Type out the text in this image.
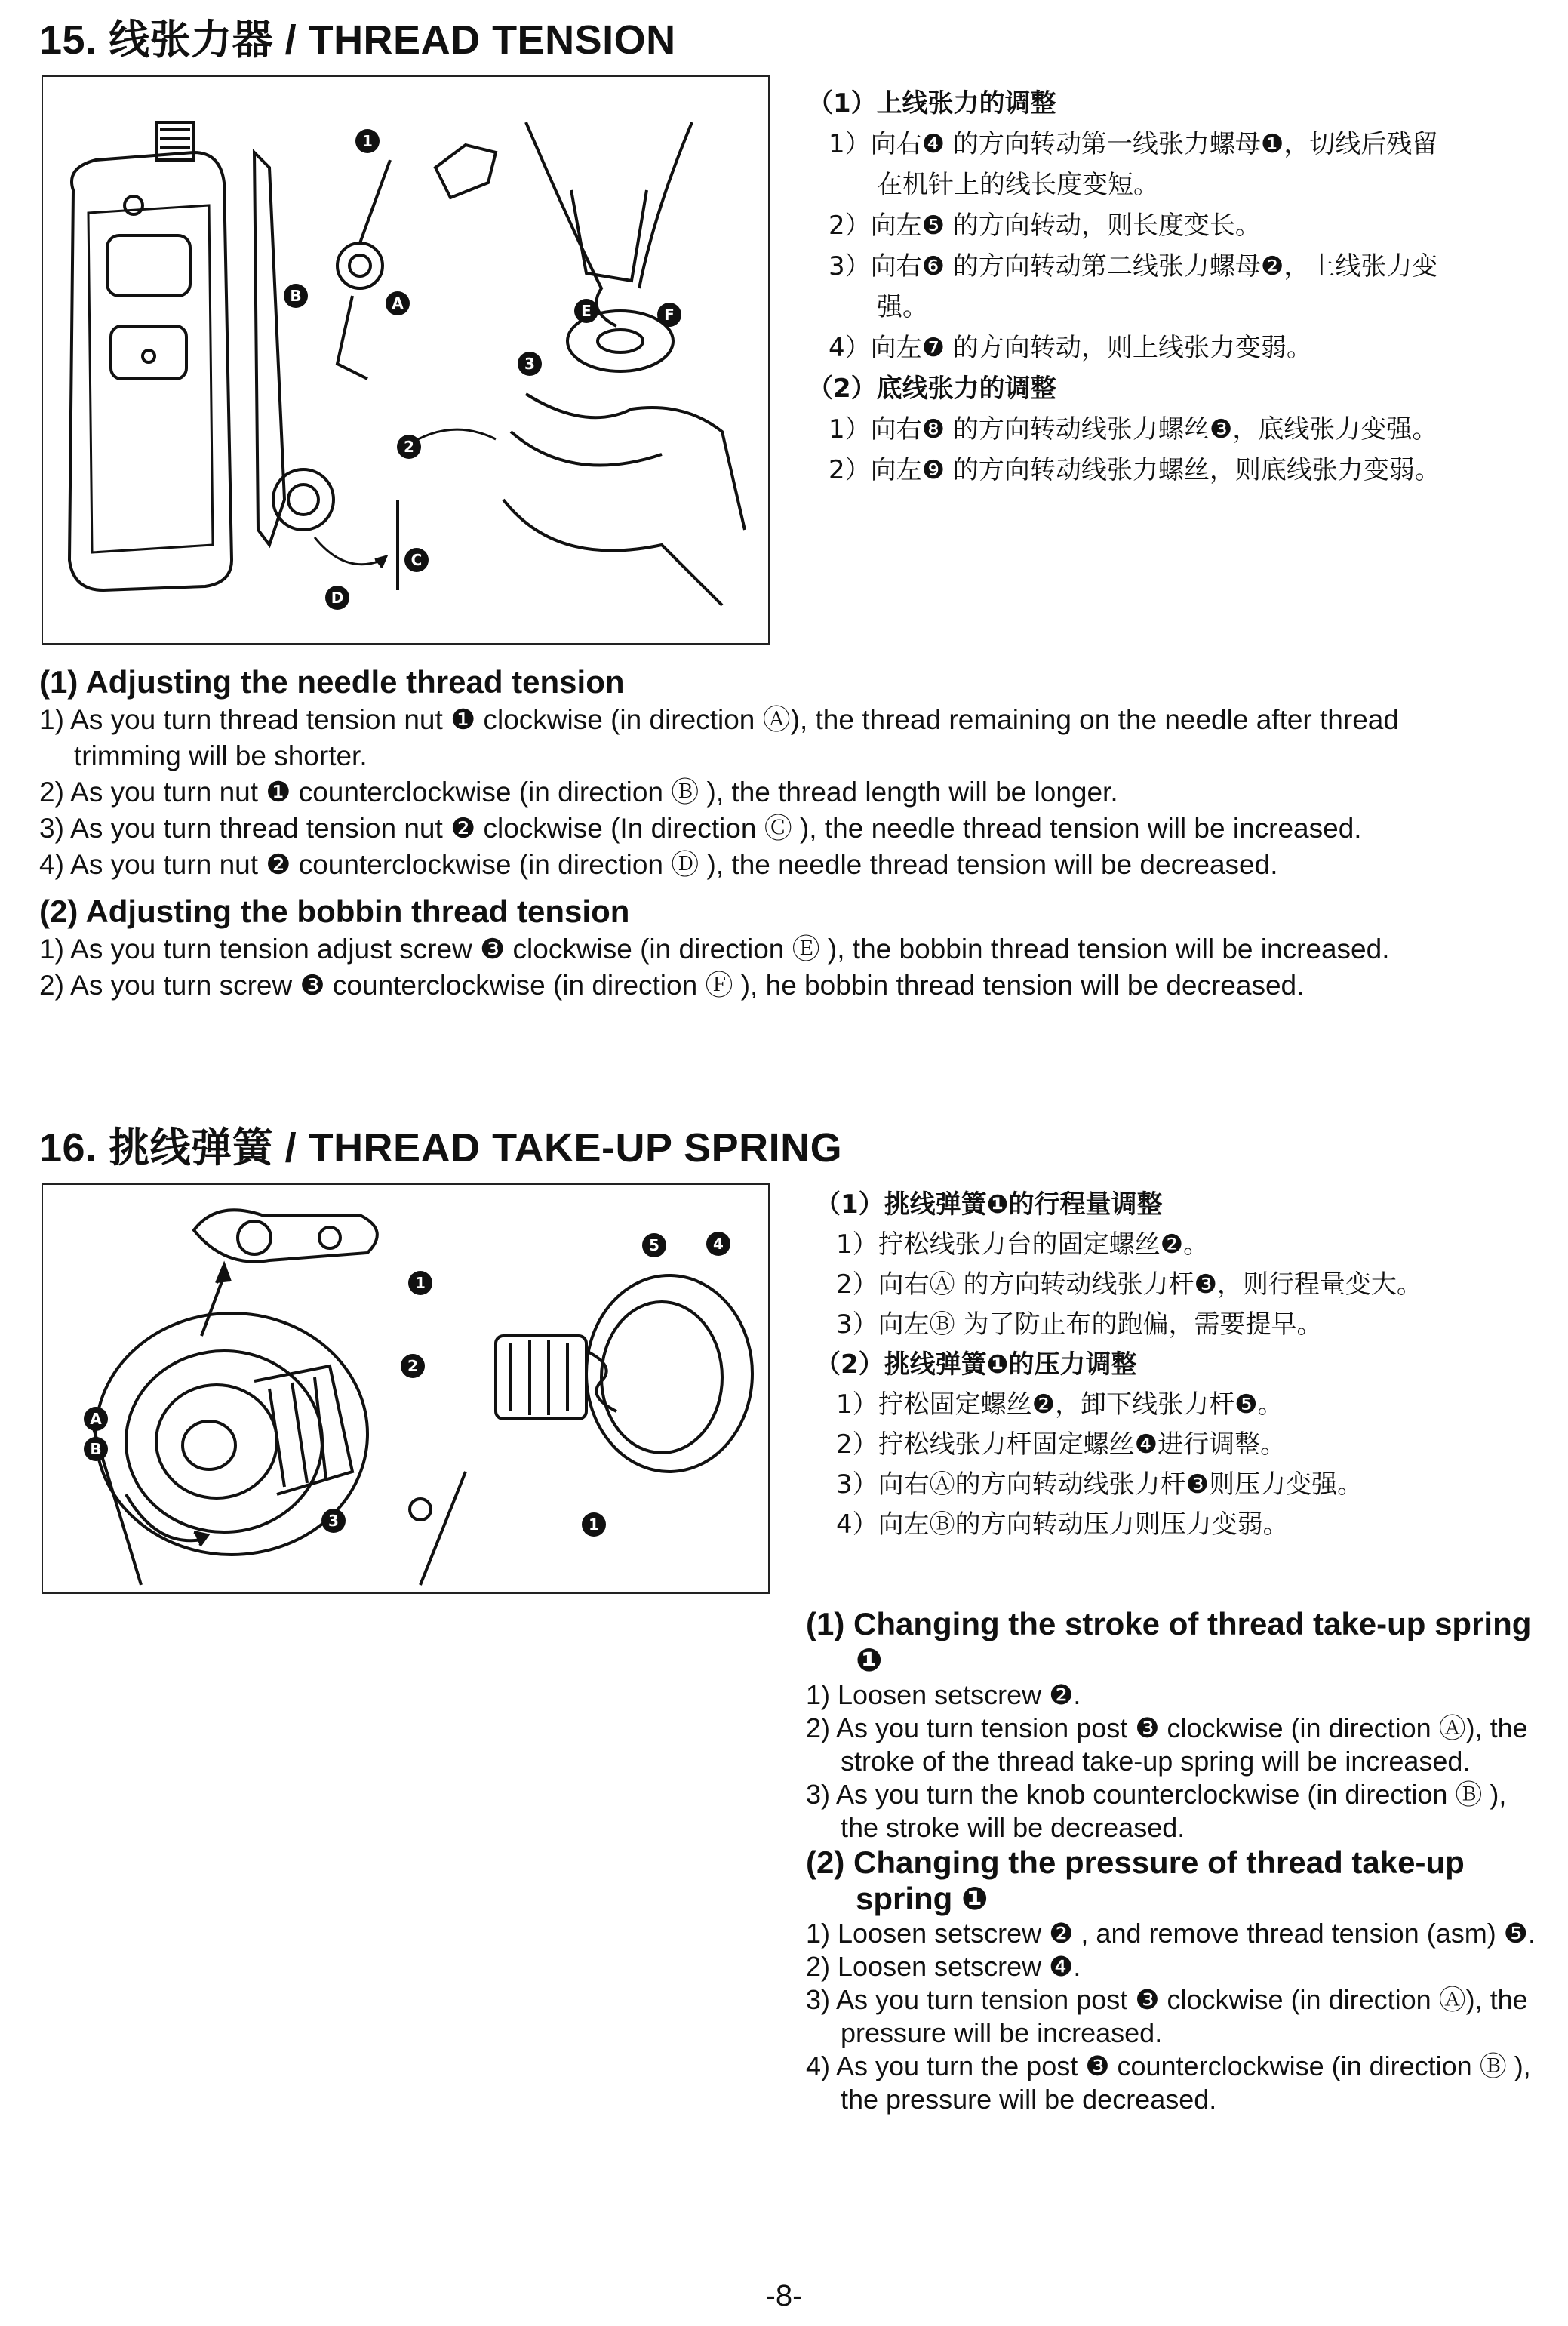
15. 线张力器 / THREAD TENSION
1
B	A	E	F
3
2
C
D
（1）上线张力的调整
1）向右❹ 的方向转动第一线张力螺母❶，切线后残留
在机针上的线长度变短。
2）向左❺ 的方向转动，则长度变长。
3）向右❻ 的方向转动第二线张力螺母❷，上线张力变
强。
4）向左❼ 的方向转动，则上线张力变弱。
（2）底线张力的调整
1）向右❽ 的方向转动线张力螺丝❸，底线张力变强。
2）向左❾ 的方向转动线张力螺丝，则底线张力变弱。
(1) Adjusting the needle thread tension
1) As you turn thread tension nut ❶ clockwise (in direction Ⓐ), the thread remaining on the needle after thread trimming will be shorter.
2) As you turn nut ❶ counterclockwise (in direction Ⓑ ), the thread length will be longer.
3) As you turn thread tension nut ❷ clockwise (In direction Ⓒ ), the needle thread tension will be increased.
4) As you turn nut ❷ counterclockwise (in direction Ⓓ ), the needle thread tension will be decreased.
(2) Adjusting the bobbin thread tension
1) As you turn tension adjust screw ❸ clockwise (in direction Ⓔ ), the bobbin thread tension will be increased.
2) As you turn screw ❸ counterclockwise (in direction Ⓕ ), he bobbin thread tension will be decreased.
16. 挑线弹簧 / THREAD TAKE-UP SPRING
5	4
1
2
3	1
A
B
（1）挑线弹簧❶的行程量调整
1）拧松线张力台的固定螺丝❷。
2）向右Ⓐ 的方向转动线张力杆❸，则行程量变大。
3）向左Ⓑ 为了防止布的跑偏，需要提早。
（2）挑线弹簧❶的压力调整
1）拧松固定螺丝❷，卸下线张力杆❺。
2）拧松线张力杆固定螺丝❹进行调整。
3）向右Ⓐ的方向转动线张力杆❸则压力变强。
4）向左Ⓑ的方向转动压力则压力变弱。
(1) Changing the stroke of thread take-up spring ❶
1) Loosen setscrew ❷.
2) As you turn tension post ❸ clockwise (in direction Ⓐ), the stroke of the thread take-up spring will be increased.
3) As you turn the knob counterclockwise (in direction Ⓑ ), the stroke will be decreased.
(2) Changing the pressure of thread take-up spring ❶
1) Loosen setscrew ❷ , and remove thread tension (asm) ❺.
2) Loosen setscrew ❹.
3) As you turn tension post ❸ clockwise (in direction Ⓐ), the pressure will be increased.
4) As you turn the post ❸ counterclockwise (in direction Ⓑ ), the pressure will be decreased.
-8-
